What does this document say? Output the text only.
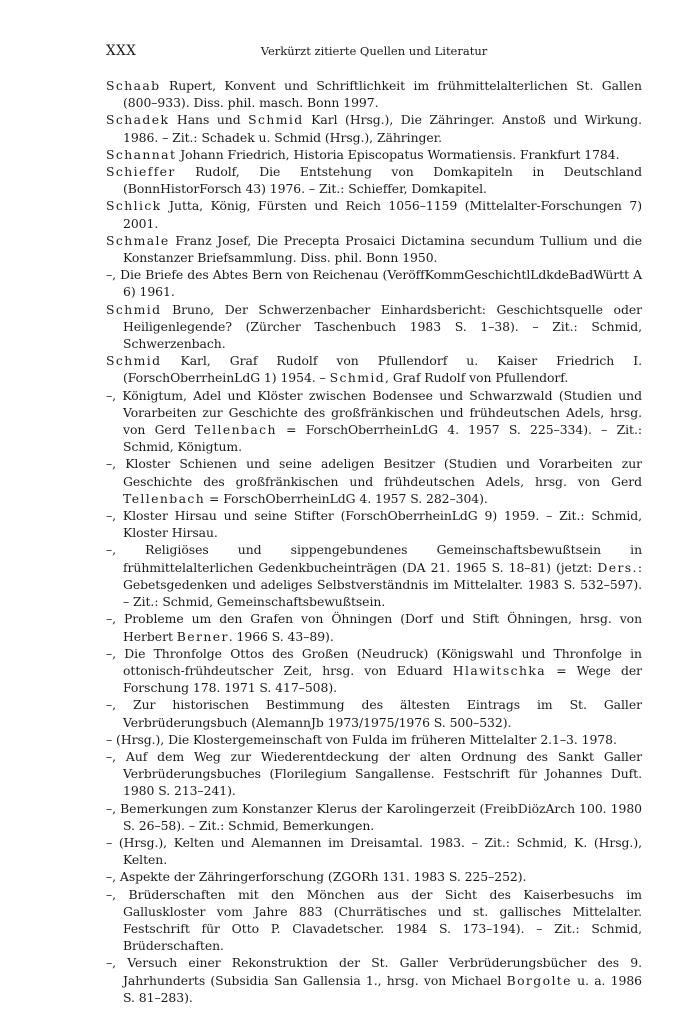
XXX	Verkürzt zitierte Quellen und Literatur

Schaab Rupert, Konvent und Schriftlichkeit im frühmittelalterlichen St. Gallen (800–933). Diss. phil. masch. Bonn 1997.

Schadek Hans und Schmid Karl (Hrsg.), Die Zähringer. Anstoß und Wirkung. 1986. – Zit.: Schadek u. Schmid (Hrsg.), Zähringer.

Schannat Johann Friedrich, Historia Episcopatus Wormatiensis. Frankfurt 1784.

Schieffer Rudolf, Die Entstehung von Domkapiteln in Deutschland (BonnHistorForsch 43) 1976. – Zit.: Schieffer, Domkapitel.

Schlick Jutta, König, Fürsten und Reich 1056–1159 (Mittelalter-Forschungen 7) 2001.

Schmale Franz Josef, Die Precepta Prosaici Dictamina secundum Tullium und die Konstanzer Briefsammlung. Diss. phil. Bonn 1950.

–, Die Briefe des Abtes Bern von Reichenau (VeröffKommGeschichtlLdkdeBadWürtt A 6) 1961.

Schmid Bruno, Der Schwerzenbacher Einhardsbericht: Geschichtsquelle oder Heiligenlegende? (Zürcher Taschenbuch 1983 S. 1–38). – Zit.: Schmid, Schwerzenbach.

Schmid Karl, Graf Rudolf von Pfullendorf u. Kaiser Friedrich I. (ForschOberrheinLdG 1) 1954. – Schmid, Graf Rudolf von Pfullendorf.

–, Königtum, Adel und Klöster zwischen Bodensee und Schwarzwald (Studien und Vorarbeiten zur Geschichte des großfränkischen und frühdeutschen Adels, hrsg. von Gerd Tellenbach = ForschOberrheinLdG 4. 1957 S. 225–334). – Zit.: Schmid, Königtum.

–, Kloster Schienen und seine adeligen Besitzer (Studien und Vorarbeiten zur Geschichte des großfränkischen und frühdeutschen Adels, hrsg. von Gerd Tellenbach = ForschOberrheinLdG 4. 1957 S. 282–304).

–, Kloster Hirsau und seine Stifter (ForschOberrheinLdG 9) 1959. – Zit.: Schmid, Kloster Hirsau.

–, Religiöses und sippengebundenes Gemeinschaftsbewußtsein in frühmittelalterlichen Gedenkbucheinträgen (DA 21. 1965 S. 18–81) (jetzt: Ders.: Gebetsgedenken und adeliges Selbstverständnis im Mittelalter. 1983 S. 532–597). – Zit.: Schmid, Gemeinschaftsbewußtsein.

–, Probleme um den Grafen von Öhningen (Dorf und Stift Öhningen, hrsg. von Herbert Berner. 1966 S. 43–89).

–, Die Thronfolge Ottos des Großen (Neudruck) (Königswahl und Thronfolge in ottonisch-frühdeutscher Zeit, hrsg. von Eduard Hlawitschka = Wege der Forschung 178. 1971 S. 417–508).

–, Zur historischen Bestimmung des ältesten Eintrags im St. Galler Verbrüderungsbuch (AlemannJb 1973/1975/1976 S. 500–532).

– (Hrsg.), Die Klostergemeinschaft von Fulda im früheren Mittelalter 2.1–3. 1978.

–, Auf dem Weg zur Wiederentdeckung der alten Ordnung des Sankt Galler Verbrüderungsbuches (Florilegium Sangallense. Festschrift für Johannes Duft. 1980 S. 213–241).

–, Bemerkungen zum Konstanzer Klerus der Karolingerzeit (FreibDiözArch 100. 1980 S. 26–58). – Zit.: Schmid, Bemerkungen.

– (Hrsg.), Kelten und Alemannen im Dreisamtal. 1983. – Zit.: Schmid, K. (Hrsg.), Kelten.

–, Aspekte der Zähringerforschung (ZGORh 131. 1983 S. 225–252).

–, Brüderschaften mit den Mönchen aus der Sicht des Kaiserbesuchs im Galluskloster vom Jahre 883 (Churrätisches und st. gallisches Mittelalter. Festschrift für Otto P. Clavadetscher. 1984 S. 173–194). – Zit.: Schmid, Brüderschaften.

–, Versuch einer Rekonstruktion der St. Galler Verbrüderungsbücher des 9. Jahrhunderts (Subsidia San Gallensia 1., hrsg. von Michael Borgolte u. a. 1986 S. 81–283).
